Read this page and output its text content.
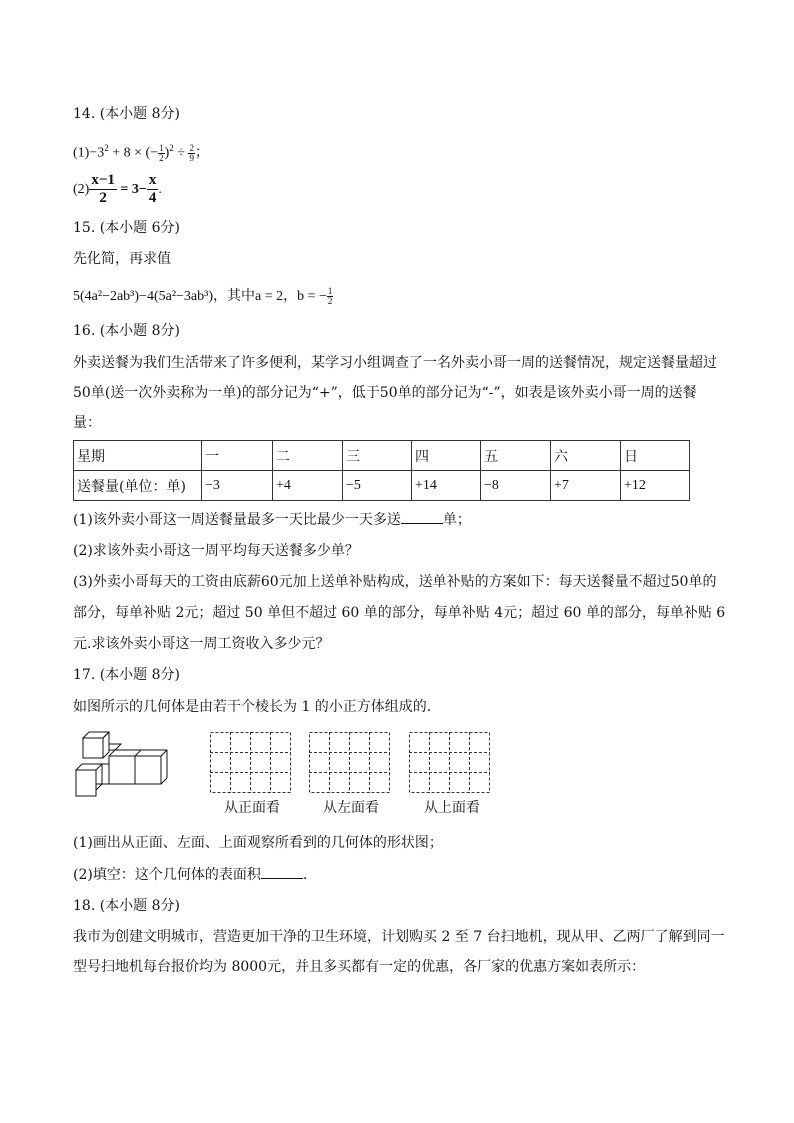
14. (本小题 8分)
$(1)-3^2 + 8$ × (− $\frac{1}{2} )^2 \div \frac{2}{9}$ ；
$(2) \frac{x-1}{2} = 3- \frac{x}{4}$ .
15. (本小题 6分)
先化简，再求值
5(4a²−2ab³)−4(5a²−3ab³)，其中a = 2，b = − $\frac{1}{2}$
16. (本小题 8分)
外卖送餐为我们生活带来了许多便利，某学习小组调查了一名外卖小哥一周的送餐情况，规定送餐量超过
50单(送一次外卖称为一单)的部分记为“+”，低于50单的部分记为“-”，如表是该外卖小哥一周的送餐
量：
星期	一	二	三	四	五	六	日
送餐量(单位：单)	−3	+4	−5	+14	−8	+7	+12
(1)该外卖小哥这一周送餐量最多一天比最少一天多送	单；
(2)求该外卖小哥这一周平均每天送餐多少单？
(3)外卖小哥每天的工资由底薪60元加上送单补贴构成，送单补贴的方案如下：每天送餐量不超过50单的
部分，每单补贴 2元；超过 50 单但不超过 60 单的部分，每单补贴 4元；超过 60 单的部分，每单补贴 6
元.求该外卖小哥这一周工资收入多少元？
17. (本小题 8分)
如图所示的几何体是由若干个棱长为 1 的小正方体组成的.
从正面看	从左面看	从上面看
(1)画出从正面、左面、上面观察所看到的几何体的形状图；
(2)填空：这个几何体的表面积	.
18. (本小题 8分)
我市为创建文明城市，营造更加干净的卫生环境，计划购买 2 至 7 台扫地机，现从甲、乙两厂了解到同一
型号扫地机每台报价均为 8000元，并且多买都有一定的优惠，各厂家的优惠方案如表所示：
